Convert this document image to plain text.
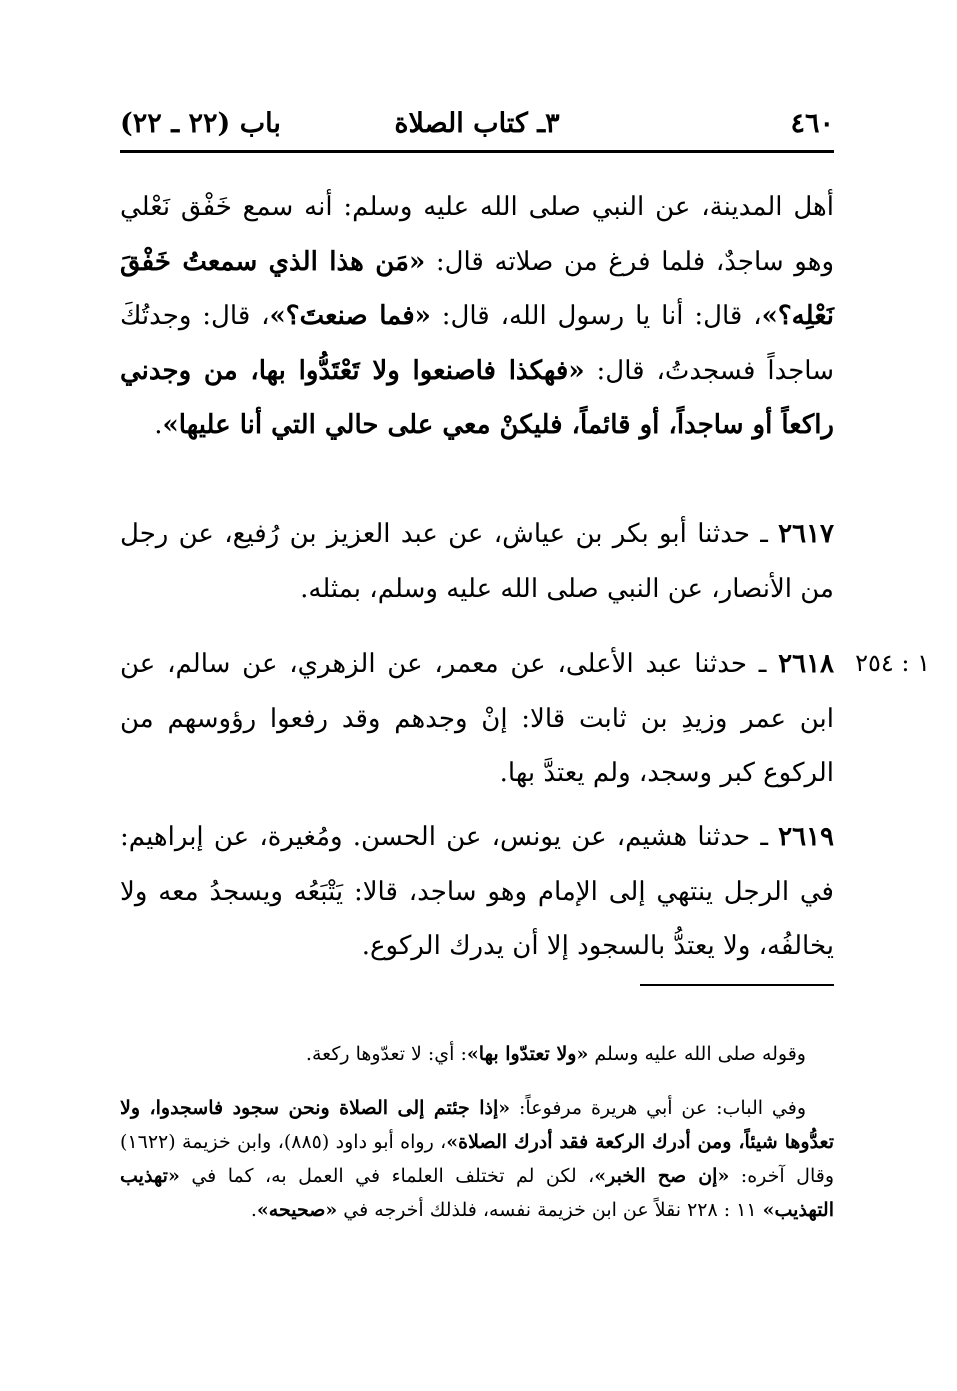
٤٦٠
٣ـ كتاب الصلاة
باب (٢٢ ـ ٢٢)
أهل المدينة، عن النبي صلى الله عليه وسلم: أنه سمع خَفْق نَعْلي وهو ساجدٌ، فلما فرغ من صلاته قال: «مَن هذا الذي سمعتُ خَفْقَ نَعْلِه؟»، قال: أنا يا رسول الله، قال: «فما صنعتَ؟»، قال: وجدتُكَ ساجداً فسجدتُ، قال: «فهكذا فاصنعوا ولا تَعْتَدُّوا بها، من وجدني راكعاً أو ساجداً، أو قائماً، فليكنْ معي على حالي التي أنا عليها».
٢٦١٧ ـ حدثنا أبو بكر بن عياش، عن عبد العزيز بن رُفيع، عن رجل من الأنصار، عن النبي صلى الله عليه وسلم، بمثله.
٢٦١٨ ـ حدثنا عبد الأعلى، عن معمر، عن الزهري، عن سالم، عن ابن عمر وزيدِ بن ثابت قالا: إنْ وجدهم وقد رفعوا رؤوسهم من الركوع كبر وسجد، ولم يعتدَّ بها.
١ : ٢٥٤
٢٦١٩ ـ حدثنا هشيم، عن يونس، عن الحسن. ومُغيرة، عن إبراهيم: في الرجل ينتهي إلى الإمام وهو ساجد، قالا: يَتْبَعُه ويسجدُ معه ولا يخالفُه، ولا يعتدُّ بالسجود إلا أن يدرك الركوع.
وقوله صلى الله عليه وسلم «ولا تعتدّوا بها»: أي: لا تعدّوها ركعة.
وفي الباب: عن أبي هريرة مرفوعاً: «إذا جئتم إلى الصلاة ونحن سجود فاسجدوا، ولا تعدُّوها شيئاً، ومن أدرك الركعة فقد أدرك الصلاة»، رواه أبو داود (٨٨٥)، وابن خزيمة (١٦٢٢) وقال آخره: «إن صح الخبر»، لكن لم تختلف العلماء في العمل به، كما في «تهذيب التهذيب» ١١ : ٢٢٨ نقلاً عن ابن خزيمة نفسه، فلذلك أخرجه في «صحيحه».
